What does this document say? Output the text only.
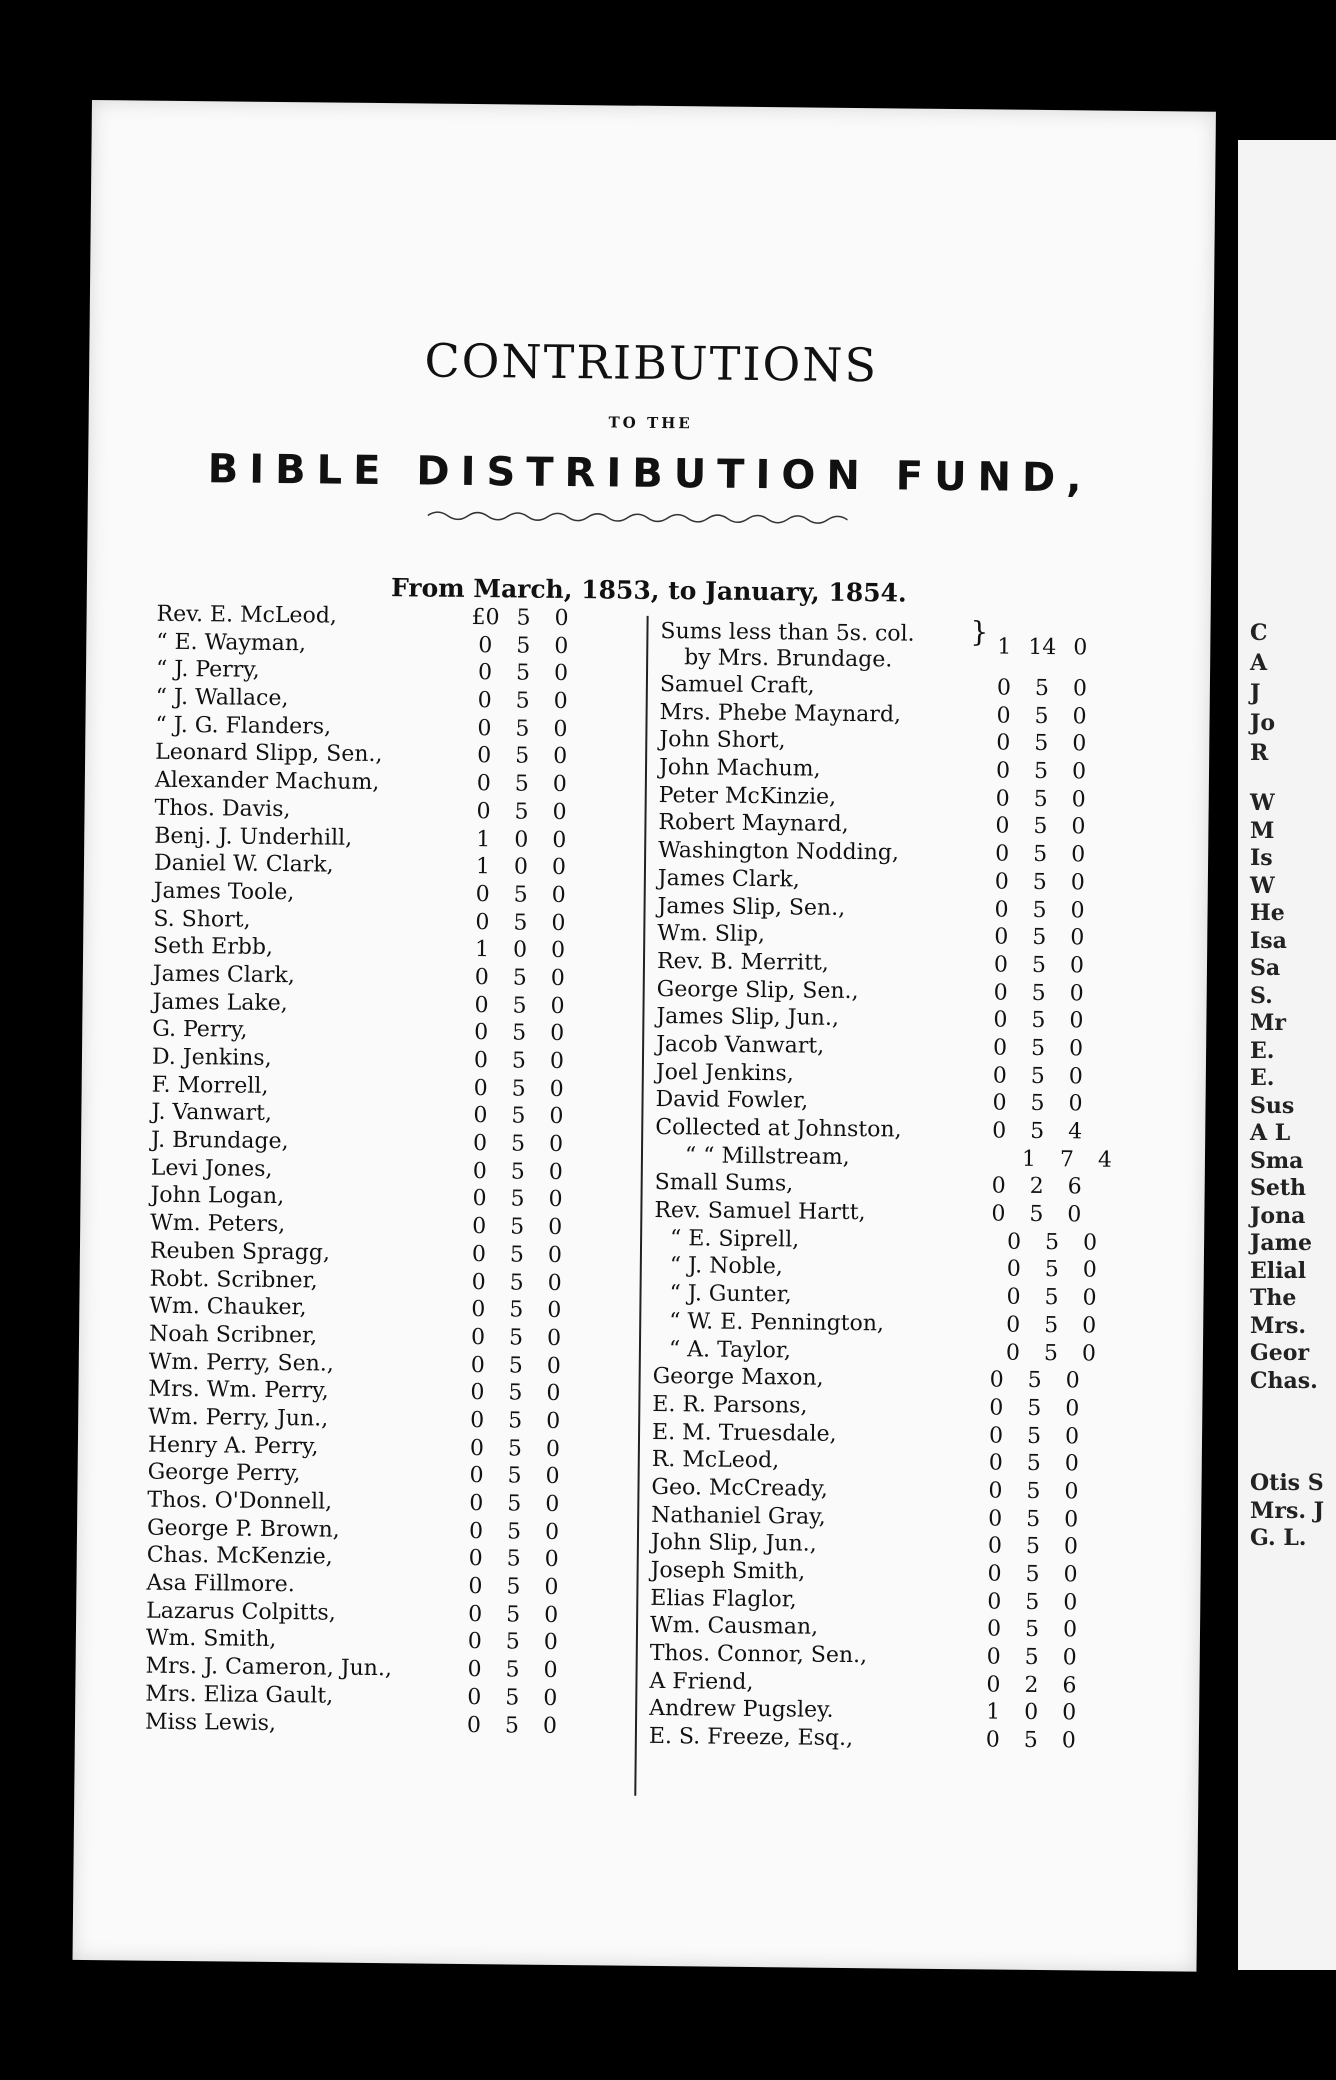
CONTRIBUTIONS
TO THE
BIBLE DISTRIBUTION FUND,
From March, 1853, to January, 1854.
Rev. E. McLeod,	£0 5	0
“ E. Wayman,	0	5	0
“ J. Perry,	0	5	0
“ J. Wallace,	0	5	0
“ J. G. Flanders,	0	5	0
Leonard Slipp, Sen.,	0	5	0
Alexander Machum,	0	5	0
Thos. Davis,	0	5	0
Benj. J. Underhill,	1	0	0
Daniel W. Clark,	1	0	0
James Toole,	0	5	0
S. Short,	0	5	0
Seth Erbb,	1	0	0
James Clark,	0	5	0
James Lake,	0	5	0
G. Perry,	0	5	0
D. Jenkins,	0	5	0
F. Morrell,	0	5	0
J. Vanwart,	0	5	0
J. Brundage,	0	5	0
Levi Jones,	0	5	0
John Logan,	0	5	0
Wm. Peters,	0	5	0
Reuben Spragg,	0	5	0
Robt. Scribner,	0	5	0
Wm. Chauker,	0	5	0
Noah Scribner,	0	5	0
Wm. Perry, Sen.,	0	5	0
Mrs. Wm. Perry,	0	5	0
Wm. Perry, Jun.,	0	5	0
Henry A. Perry,	0	5	0
George Perry,	0	5	0
Thos. O'Donnell,	0	5	0
George P. Brown,	0	5	0
Chas. McKenzie,	0	5	0
Asa Fillmore.	0	5	0
Lazarus Colpitts,	0	5	0
Wm. Smith,	0	5	0
Mrs. J. Cameron, Jun.,	0	5	0
Mrs. Eliza Gault,	0	5	0
Miss Lewis,	0	5	0
Sums less than 5s. col.
by Mrs. Brundage.
} 1 14 0
Samuel Craft,	0	5	0
Mrs. Phebe Maynard,	0	5	0
John Short,	0	5	0
John Machum,	0	5	0
Peter McKinzie,	0	5	0
Robert Maynard,	0	5	0
Washington Nodding,	0	5	0
James Clark,	0	5	0
James Slip, Sen.,	0	5	0
Wm. Slip,	0	5	0
Rev. B. Merritt,	0	5	0
George Slip, Sen.,	0	5	0
James Slip, Jun.,	0	5	0
Jacob Vanwart,	0	5	0
Joel Jenkins,	0	5	0
David Fowler,	0	5	0
Collected at Johnston,	0	5	4
“ “ Millstream,	1	7	4
Small Sums,	0	2	6
Rev. Samuel Hartt,	0	5	0
“ E. Siprell,	0	5	0
“ J. Noble,	0	5	0
“ J. Gunter,	0	5	0
“ W. E. Pennington,	0	5	0
“ A. Taylor,	0	5	0
George Maxon,	0	5	0
E. R. Parsons,	0	5	0
E. M. Truesdale,	0	5	0
R. McLeod,	0	5	0
Geo. McCready,	0	5	0
Nathaniel Gray,	0	5	0
John Slip, Jun.,	0	5	0
Joseph Smith,	0	5	0
Elias Flaglor,	0	5	0
Wm. Causman,	0	5	0
Thos. Connor, Sen.,	0	5	0
A Friend,	0	2	6
Andrew Pugsley.	1	0	0
E. S. Freeze, Esq.,	0	5	0
C
A
J
Jo
R
W
M
Is
W
He
Isa
Sa
S.
Mr
E.
E.
Sus
A L
Sma
Seth
Jona
Jame
Elial
The
Mrs.
Geor
Chas.
Otis S
Mrs. J
G. L.
